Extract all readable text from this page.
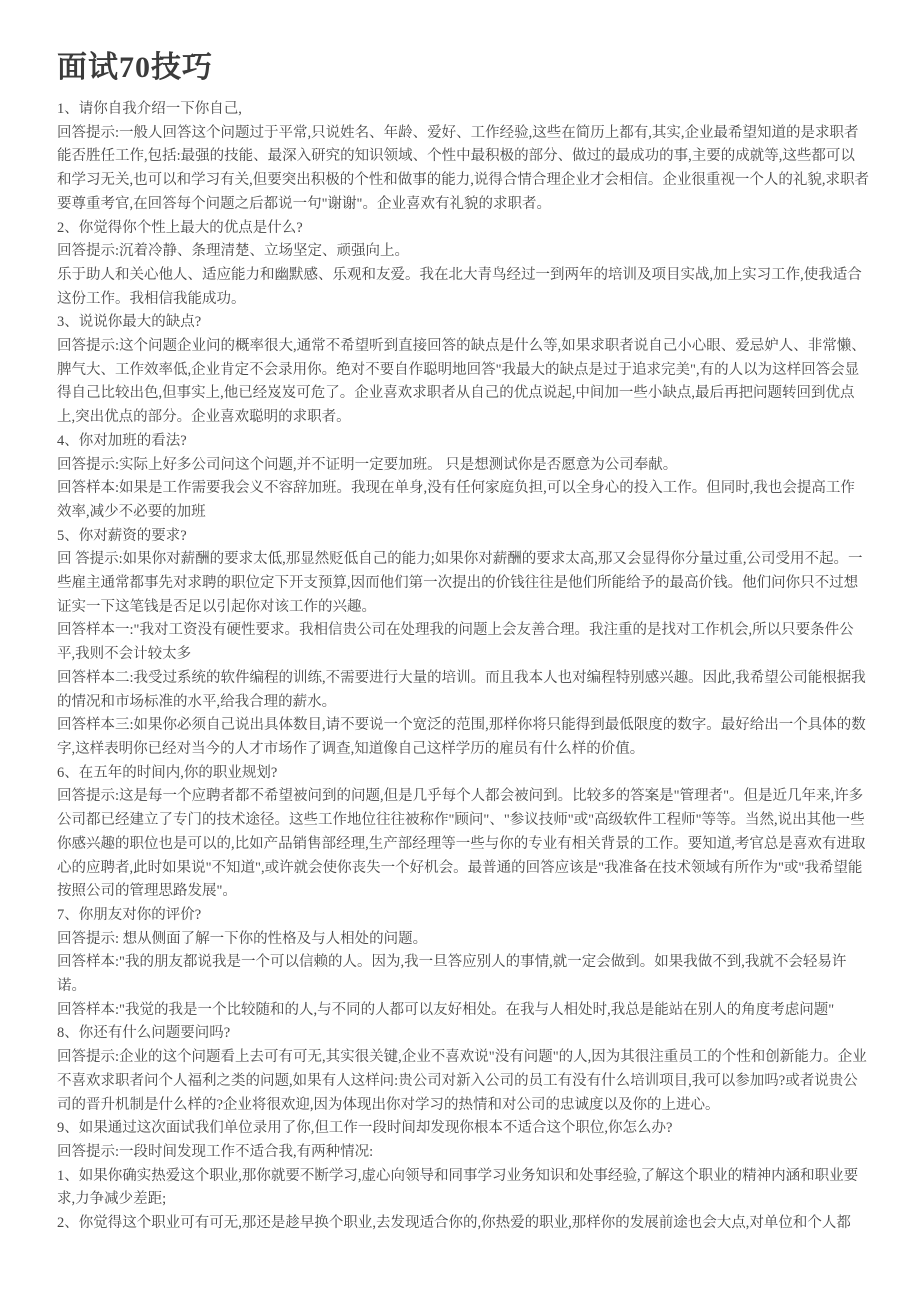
面试70技巧

1、请你自我介绍一下你自己,

回答提示:一般人回答这个问题过于平常,只说姓名、年龄、爱好、工作经验,这些在简历上都有,其实,企业最希望知道的是求职者能否胜任工作,包括:最强的技能、最深入研究的知识领域、个性中最积极的部分、做过的最成功的事,主要的成就等,这些都可以和学习无关,也可以和学习有关,但要突出积极的个性和做事的能力,说得合情合理企业才会相信。企业很重视一个人的礼貌,求职者要尊重考官,在回答每个问题之后都说一句"谢谢"。企业喜欢有礼貌的求职者。

2、你觉得你个性上最大的优点是什么?

回答提示:沉着冷静、条理清楚、立场坚定、顽强向上。

乐于助人和关心他人、适应能力和幽默感、乐观和友爱。我在北大青鸟经过一到两年的培训及项目实战,加上实习工作,使我适合这份工作。我相信我能成功。

3、说说你最大的缺点?

回答提示:这个问题企业问的概率很大,通常不希望听到直接回答的缺点是什么等,如果求职者说自己小心眼、爱忌妒人、非常懒、脾气大、工作效率低,企业肯定不会录用你。绝对不要自作聪明地回答"我最大的缺点是过于追求完美",有的人以为这样回答会显得自己比较出色,但事实上,他已经岌岌可危了。企业喜欢求职者从自己的优点说起,中间加一些小缺点,最后再把问题转回到优点上,突出优点的部分。企业喜欢聪明的求职者。

4、你对加班的看法?

回答提示:实际上好多公司问这个问题,并不证明一定要加班。 只是想测试你是否愿意为公司奉献。

回答样本:如果是工作需要我会义不容辞加班。我现在单身,没有任何家庭负担,可以全身心的投入工作。但同时,我也会提高工作效率,减少不必要的加班

5、你对薪资的要求?

回 答提示:如果你对薪酬的要求太低,那显然贬低自己的能力;如果你对薪酬的要求太高,那又会显得你分量过重,公司受用不起。一些雇主通常都事先对求聘的职位定下开支预算,因而他们第一次提出的价钱往往是他们所能给予的最高价钱。他们问你只不过想证实一下这笔钱是否足以引起你对该工作的兴趣。

回答样本一:"我对工资没有硬性要求。我相信贵公司在处理我的问题上会友善合理。我注重的是找对工作机会,所以只要条件公平,我则不会计较太多

回答样本二:我受过系统的软件编程的训练,不需要进行大量的培训。而且我本人也对编程特别感兴趣。因此,我希望公司能根据我的情况和市场标准的水平,给我合理的薪水。

回答样本三:如果你必须自己说出具体数目,请不要说一个宽泛的范围,那样你将只能得到最低限度的数字。最好给出一个具体的数字,这样表明你已经对当今的人才市场作了调查,知道像自己这样学历的雇员有什么样的价值。

6、在五年的时间内,你的职业规划?

回答提示:这是每一个应聘者都不希望被问到的问题,但是几乎每个人都会被问到。比较多的答案是"管理者"。但是近几年来,许多公司都已经建立了专门的技术途径。这些工作地位往往被称作"顾问"、"参议技师"或"高级软件工程师"等等。当然,说出其他一些你感兴趣的职位也是可以的,比如产品销售部经理,生产部经理等一些与你的专业有相关背景的工作。要知道,考官总是喜欢有进取心的应聘者,此时如果说"不知道",或许就会使你丧失一个好机会。最普通的回答应该是"我准备在技术领域有所作为"或"我希望能按照公司的管理思路发展"。

7、你朋友对你的评价?

回答提示: 想从侧面了解一下你的性格及与人相处的问题。

回答样本:"我的朋友都说我是一个可以信赖的人。因为,我一旦答应别人的事情,就一定会做到。如果我做不到,我就不会轻易许诺。

回答样本:"我觉的我是一个比较随和的人,与不同的人都可以友好相处。在我与人相处时,我总是能站在别人的角度考虑问题"

8、你还有什么问题要问吗?

回答提示:企业的这个问题看上去可有可无,其实很关键,企业不喜欢说"没有问题"的人,因为其很注重员工的个性和创新能力。企业不喜欢求职者问个人福利之类的问题,如果有人这样问:贵公司对新入公司的员工有没有什么培训项目,我可以参加吗?或者说贵公司的晋升机制是什么样的?企业将很欢迎,因为体现出你对学习的热情和对公司的忠诚度以及你的上进心。

9、如果通过这次面试我们单位录用了你,但工作一段时间却发现你根本不适合这个职位,你怎么办?

回答提示:一段时间发现工作不适合我,有两种情况:

1、如果你确实热爱这个职业,那你就要不断学习,虚心向领导和同事学习业务知识和处事经验,了解这个职业的精神内涵和职业要求,力争减少差距;

2、你觉得这个职业可有可无,那还是趁早换个职业,去发现适合你的,你热爱的职业,那样你的发展前途也会大点,对单位和个人都
